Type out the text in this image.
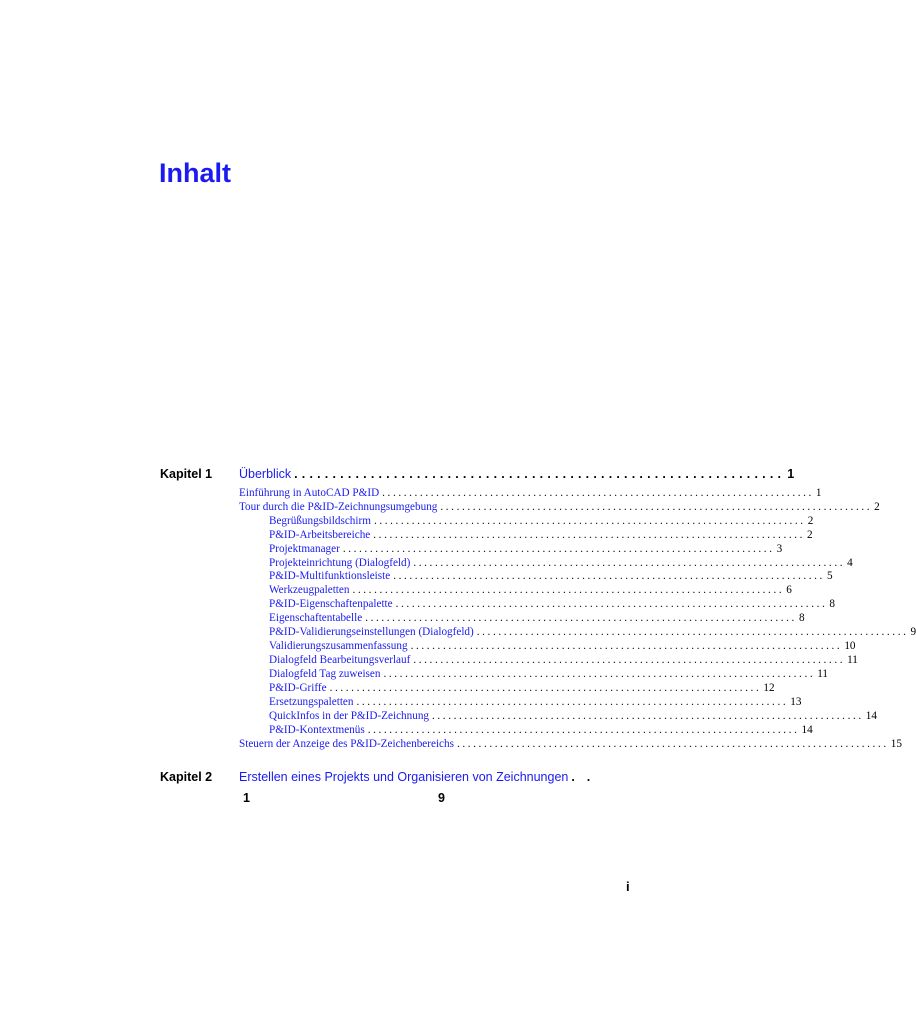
Inhalt
Kapitel 1 Überblick ................................................................ 1
Einführung in AutoCAD P&ID ................................................................................ 1
Tour durch die P&ID-Zeichnungsumgebung ................................................................................ 2
Begrüßungsbildschirm ................................................................................ 2
P&ID-Arbeitsbereiche ................................................................................ 2
Projektmanager ................................................................................ 3
Projekteinrichtung (Dialogfeld) ................................................................................ 4
P&ID-Multifunktionsleiste ................................................................................ 5
Werkzeugpaletten ................................................................................ 6
P&ID-Eigenschaftenpalette ................................................................................ 8
Eigenschaftentabelle ................................................................................ 8
P&ID-Validierungseinstellungen (Dialogfeld) ................................................................................ 9
Validierungszusammenfassung ................................................................................ 10
Dialogfeld Bearbeitungsverlauf ................................................................................ 11
Dialogfeld Tag zuweisen ................................................................................ 11
P&ID-Griffe ................................................................................ 12
Ersetzungspaletten ................................................................................ 13
QuickInfos in der P&ID-Zeichnung ................................................................................ 14
P&ID-Kontextmenüs ................................................................................ 14
Steuern der Anzeige des P&ID-Zeichenbereichs ................................................................................ 15
Kapitel 2 Erstellen eines Projekts und Organisieren von Zeichnungen . .
1	9
i
